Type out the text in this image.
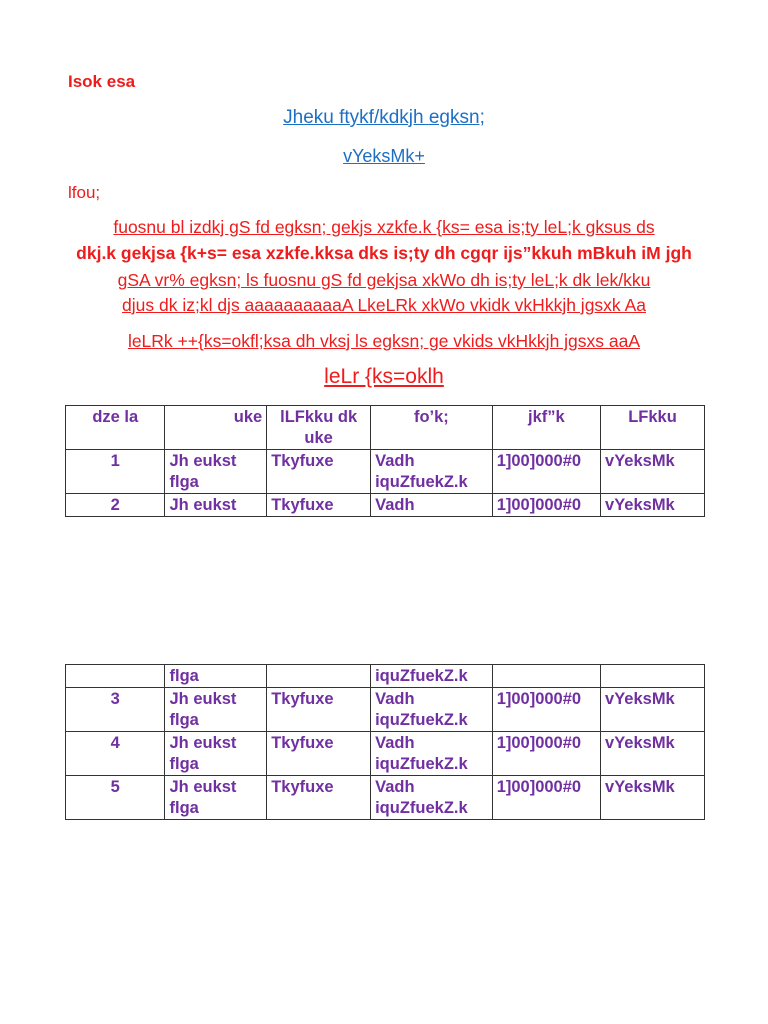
Isok esa
Jheku ftykf/kdkjh egksn;
vYeksMk+
lfou;
fuosnu bl izdkj gS fd egksn; gekjs xzkfe.k {ks= esa is;ty leL;k gksus ds
dkj.k gekjsa {k+s= esa xzkfe.kksa dks is;ty dh cgqr ijs”kkuh mBkuh iM jgh
gSA vr% egksn; ls fuosnu gS fd gekjsa xkWo dh is;ty leL;k dk lek/kku
djus dk iz;kl djs aaaaaaaaaaA LkeLRk xkWo vkidk vkHkkjh jgsxk Aa
leLRk ++{ks=okfl;ksa dh vksj ls egksn; ge vkids vkHkkjh jgsxs aaA
leLr {ks=oklh
dze la	uke	lLFkku dk uke	fo’k;	jkf”k	LFkku
1	Jh eukst flga	Tkyfuxe	Vadh iquZfuekZ.k	1]00]000#0	vYeksMk
2	Jh eukst	Tkyfuxe	Vadh	1]00]000#0	vYeksMk
	flga		iquZfuekZ.k		
3	Jh eukst flga	Tkyfuxe	Vadh iquZfuekZ.k	1]00]000#0	vYeksMk
4	Jh eukst flga	Tkyfuxe	Vadh iquZfuekZ.k	1]00]000#0	vYeksMk
5	Jh eukst flga	Tkyfuxe	Vadh iquZfuekZ.k	1]00]000#0	vYeksMk
